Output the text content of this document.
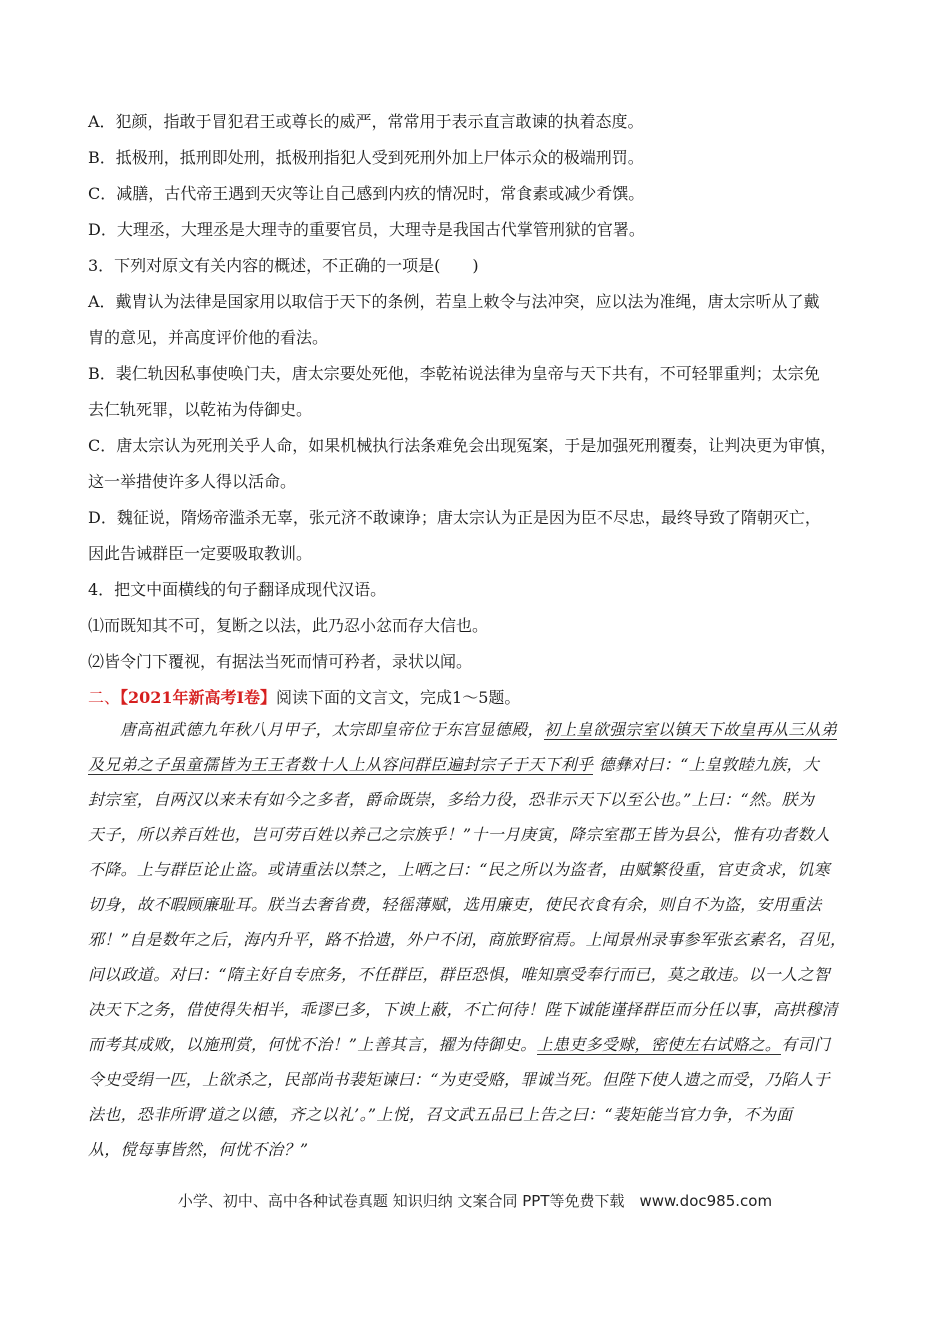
A．犯颜，指敢于冒犯君王或尊长的威严，常常用于表示直言敢谏的执着态度。

B．抵极刑，抵刑即处刑，抵极刑指犯人受到死刑外加上尸体示众的极端刑罚。

C．减膳，古代帝王遇到天灾等让自己感到内疚的情况时，常食素或减少肴馔。

D．大理丞，大理丞是大理寺的重要官员，大理寺是我国古代掌管刑狱的官署。

3．下列对原文有关内容的概述，不正确的一项是(　　)

A．戴胄认为法律是国家用以取信于天下的条例，若皇上敕令与法冲突，应以法为准绳，唐太宗听从了戴

胄的意见，并高度评价他的看法。

B．裴仁轨因私事使唤门夫，唐太宗要处死他，李乾祐说法律为皇帝与天下共有，不可轻罪重判；太宗免

去仁轨死罪，以乾祐为侍御史。

C．唐太宗认为死刑关乎人命，如果机械执行法条难免会出现冤案，于是加强死刑覆奏，让判决更为审慎，

这一举措使许多人得以活命。

D．魏征说，隋炀帝滥杀无辜，张元济不敢谏诤；唐太宗认为正是因为臣不尽忠，最终导致了隋朝灭亡，

因此告诫群臣一定要吸取教训。

4．把文中面横线的句子翻译成现代汉语。

⑴而既知其不可，复断之以法，此乃忍小忿而存大信也。

⑵皆令门下覆视，有据法当死而情可矜者，录状以闻。

二、【2021年新高考Ⅰ卷】阅读下面的文言文，完成1～5题。

唐高祖武德九年秋八月甲子，太宗即皇帝位于东宫显德殿，初上皇欲强宗室以镇天下故皇再从三从弟

及兄弟之子虽童孺皆为王王者数十人上从容问群臣遍封宗子于天下利乎 德彝对曰：“上皇敦睦九族，大

封宗室，自两汉以来未有如今之多者，爵命既崇，多给力役，恐非示天下以至公也。”上曰：“然。朕为

天子，所以养百姓也，岂可劳百姓以养己之宗族乎！”十一月庚寅，降宗室郡王皆为县公，惟有功者数人

不降。上与群臣论止盗。或请重法以禁之，上哂之曰：“民之所以为盗者，由赋繁役重，官吏贪求，饥寒

切身，故不暇顾廉耻耳。朕当去奢省费，轻徭薄赋，选用廉吏，使民衣食有余，则自不为盗，安用重法

邪！”自是数年之后，海内升平，路不拾遗，外户不闭，商旅野宿焉。上闻景州录事参军张玄素名，召见，

问以政道。对曰：“隋主好自专庶务，不任群臣，群臣恐惧，唯知禀受奉行而已，莫之敢违。以一人之智

决天下之务，借使得失相半，乖谬已多，下谀上蔽，不亡何待！陛下诚能谨择群臣而分任以事，高拱穆清

而考其成败，以施刑赏，何忧不治！”上善其言，擢为侍御史。上患吏多受赇，密使左右试赂之。有司门

令史受绢一匹，上欲杀之，民部尚书裴矩谏曰：“为吏受赂，罪诚当死。但陛下使人遗之而受，乃陷人于

法也，恐非所谓‘道之以德，齐之以礼’。”上悦，召文武五品已上告之曰：“裴矩能当官力争，不为面

从，傥每事皆然，何忧不治？”

小学、初中、高中各种试卷真题 知识归纳 文案合同 PPT等免费下载　www.doc985.com
